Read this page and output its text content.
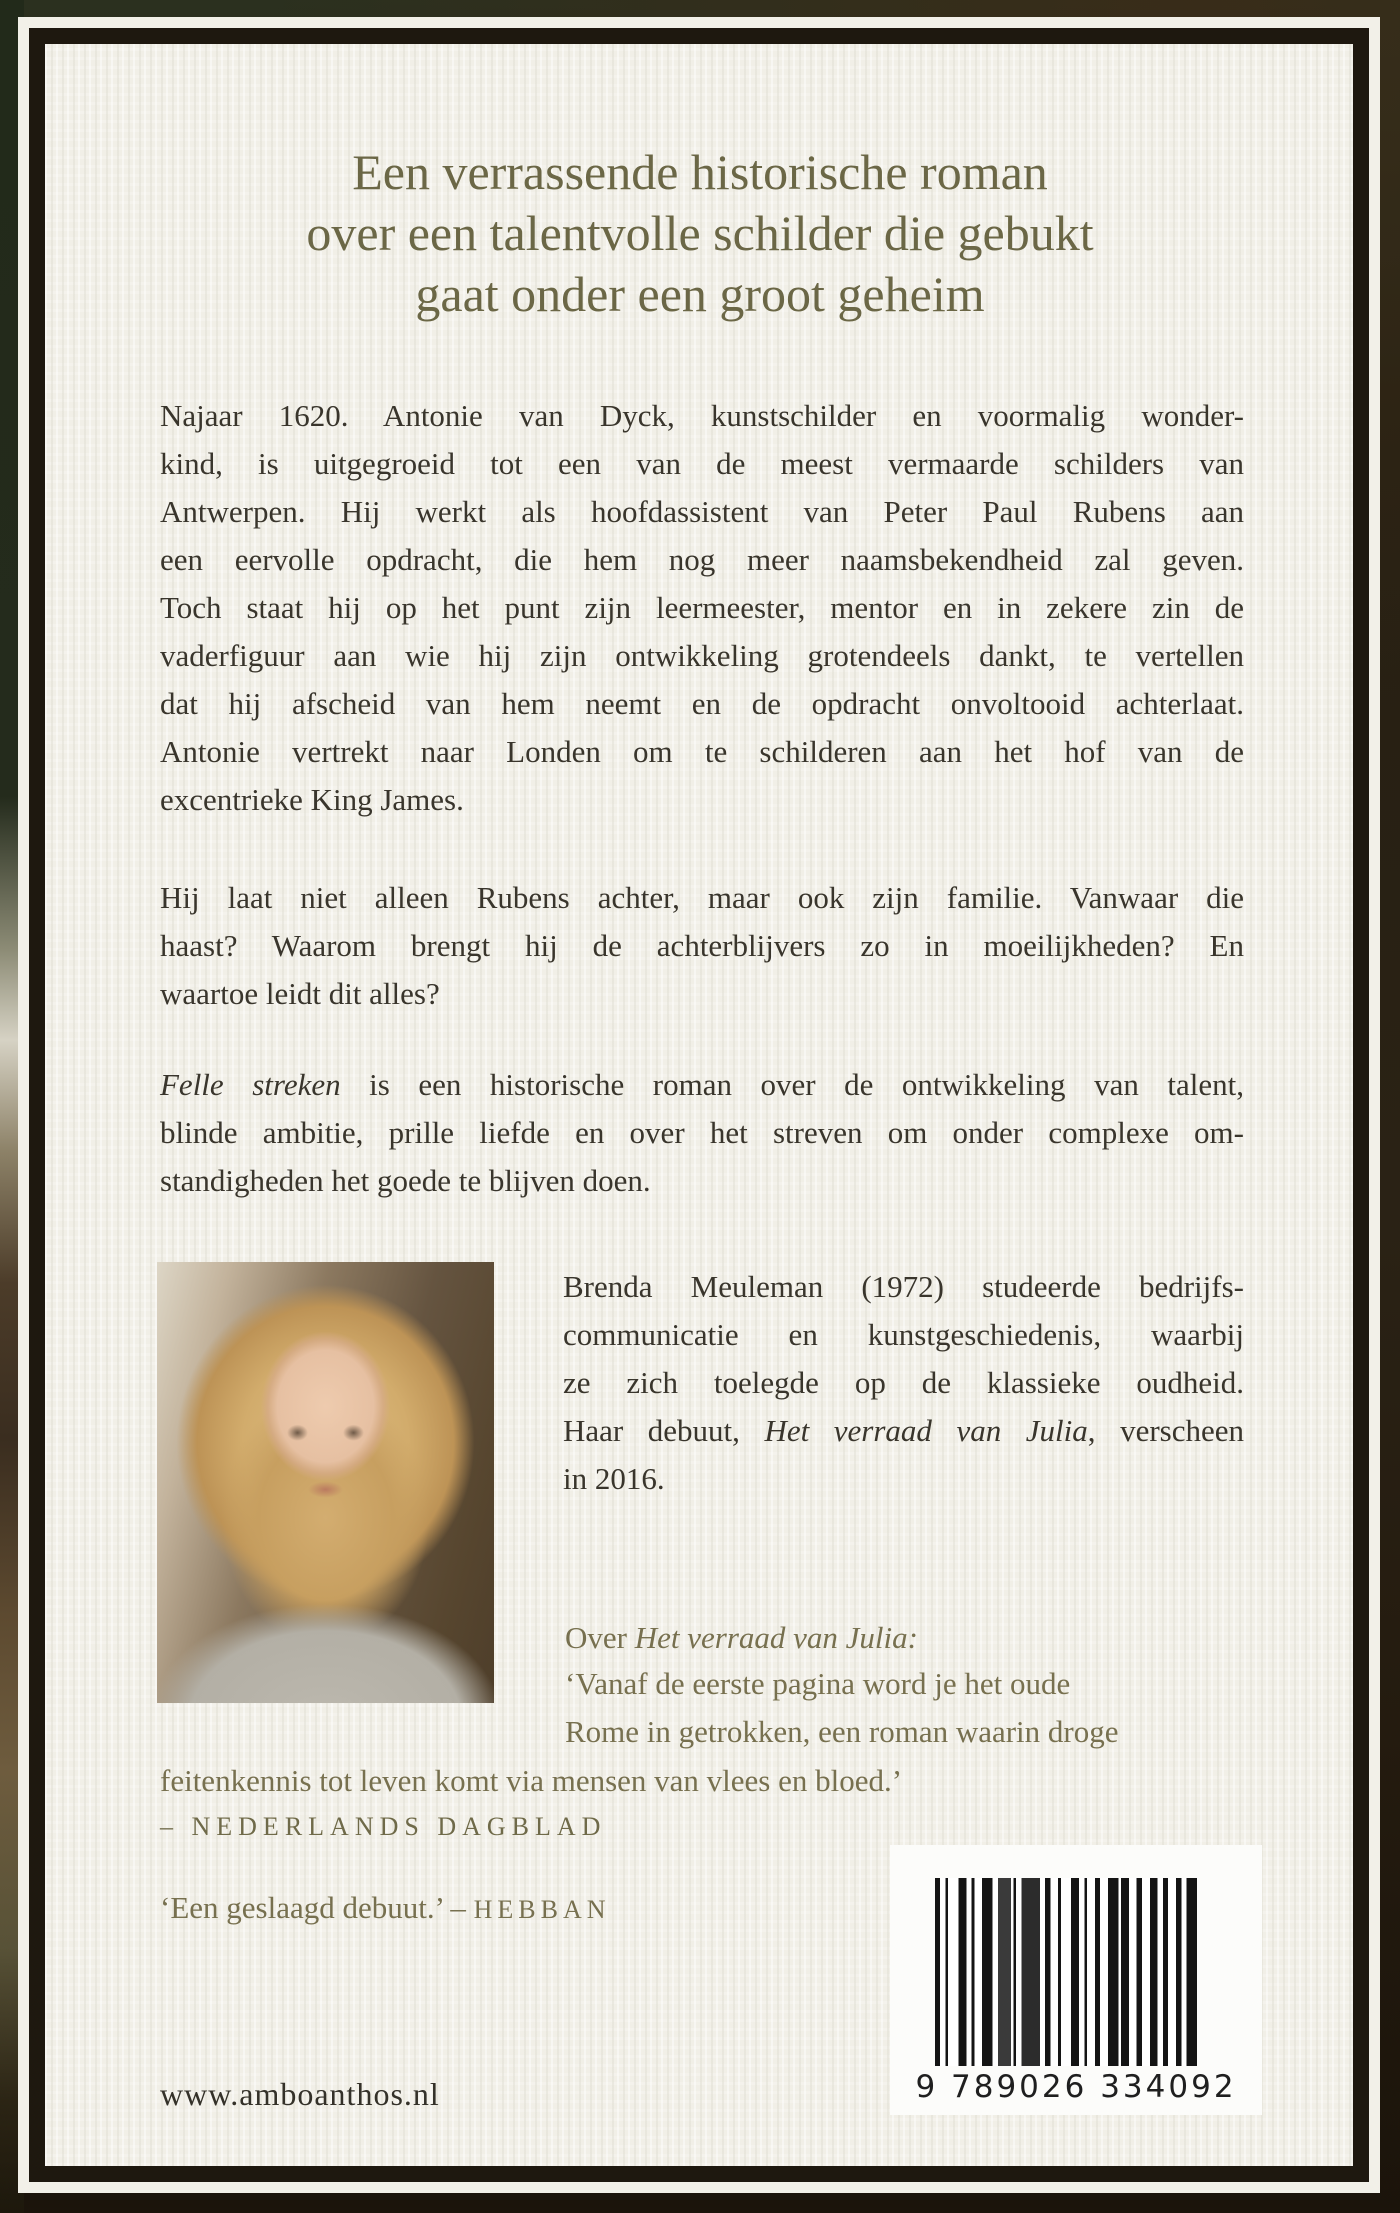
Een verrassende historische roman
over een talentvolle schilder die gebukt
gaat onder een groot geheim
Najaar 1620. Antonie van Dyck, kunstschilder en voormalig wonder-
kind, is uitgegroeid tot een van de meest vermaarde schilders van
Antwerpen. Hij werkt als hoofdassistent van Peter Paul Rubens aan
een eervolle opdracht, die hem nog meer naamsbekendheid zal geven.
Toch staat hij op het punt zijn leermeester, mentor en in zekere zin de
vaderfiguur aan wie hij zijn ontwikkeling grotendeels dankt, te vertellen
dat hij afscheid van hem neemt en de opdracht onvoltooid achterlaat.
Antonie vertrekt naar Londen om te schilderen aan het hof van de
excentrieke King James.
Hij laat niet alleen Rubens achter, maar ook zijn familie. Vanwaar die
haast? Waarom brengt hij de achterblijvers zo in moeilijkheden? En
waartoe leidt dit alles?
Felle streken is een historische roman over de ontwikkeling van talent,
blinde ambitie, prille liefde en over het streven om onder complexe om-
standigheden het goede te blijven doen.
Brenda Meuleman (1972) studeerde bedrijfs-
communicatie en kunstgeschiedenis, waarbij
ze zich toelegde op de klassieke oudheid.
Haar debuut, Het verraad van Julia, verscheen
in 2016.
Over Het verraad van Julia:
‘Vanaf de eerste pagina word je het oude
Rome in getrokken, een roman waarin droge
feitenkennis tot leven komt via mensen van vlees en bloed.’
– NEDERLANDS DAGBLAD
‘Een geslaagd debuut.’ – HEBBAN
9 789026 334092
www.amboanthos.nl
